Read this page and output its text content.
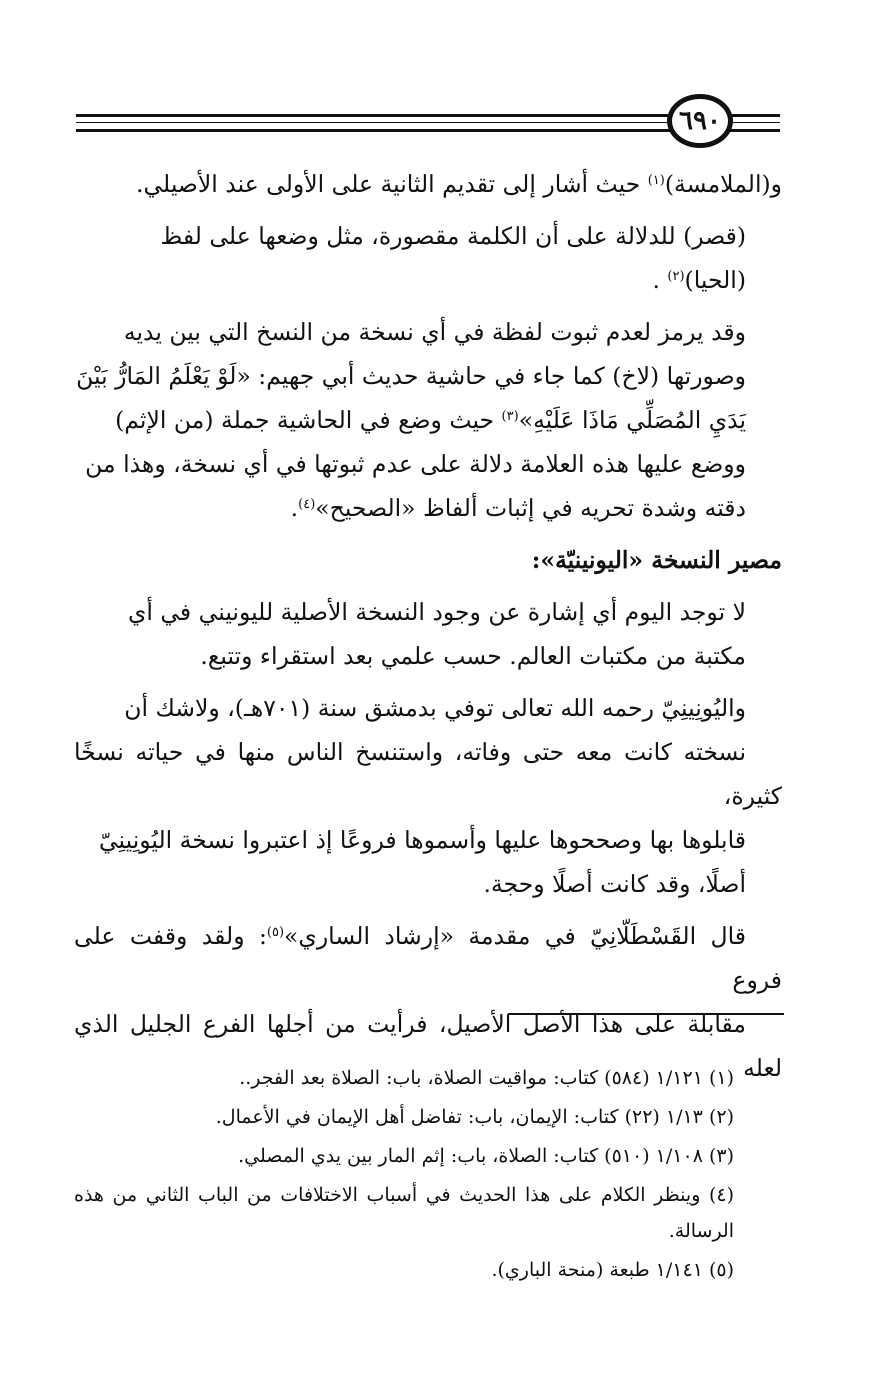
٦٩٠

و(الملامسة)$^{(١)}$ حيث أشار إلى تقديم الثانية على الأولى عند الأصيلي.

(قصر) للدلالة على أن الكلمة مقصورة، مثل وضعها على لفظ
(الحيا)$^{(٢)}$ .

وقد يرمز لعدم ثبوت لفظة في أي نسخة من النسخ التي بين يديه
وصورتها (لاخ) كما جاء في حاشية حديث أبي جهيم: «لَوْ يَعْلَمُ المَارُّ بَيْنَ
يَدَيِ المُصَلِّي مَاذَا عَلَيْهِ»$^{(٣)}$ حيث وضع في الحاشية جملة (من الإثم)
ووضع عليها هذه العلامة دلالة على عدم ثبوتها في أي نسخة، وهذا من
دقته وشدة تحريه في إثبات ألفاظ «الصحيح»$^{(٤)}$.

مصير النسخة «اليونينيّة»:

لا توجد اليوم أي إشارة عن وجود النسخة الأصلية لليونيني في أي
مكتبة من مكتبات العالم. حسب علمي بعد استقراء وتتبع.

واليُونِينِيّ رحمه الله تعالى توفي بدمشق سنة (٧٠١هـ)، ولاشك أن
نسخته كانت معه حتى وفاته، واستنسخ الناس منها في حياته نسخًا كثيرة،
قابلوها بها وصححوها عليها وأسموها فروعًا إذ اعتبروا نسخة اليُونِينِيّ
أصلًا، وقد كانت أصلًا وحجة.

قال القَسْطَلّانِيّ في مقدمة «إرشاد الساري»$^{(٥)}$: ولقد وقفت على فروع
مقابلة على هذا الأصل الأصيل، فرأيت من أجلها الفرع الجليل الذي لعله

(١) ١/١٢١ (٥٨٤) كتاب: مواقيت الصلاة، باب: الصلاة بعد الفجر..

(٢) ١/١٣ (٢٢) كتاب: الإيمان، باب: تفاضل أهل الإيمان في الأعمال.

(٣) ١/١٠٨ (٥١٠) كتاب: الصلاة، باب: إثم المار بين يدي المصلي.

(٤) وينظر الكلام على هذا الحديث في أسباب الاختلافات من الباب الثاني من هذه الرسالة.

(٥) ١/١٤١ طبعة (منحة الباري).
